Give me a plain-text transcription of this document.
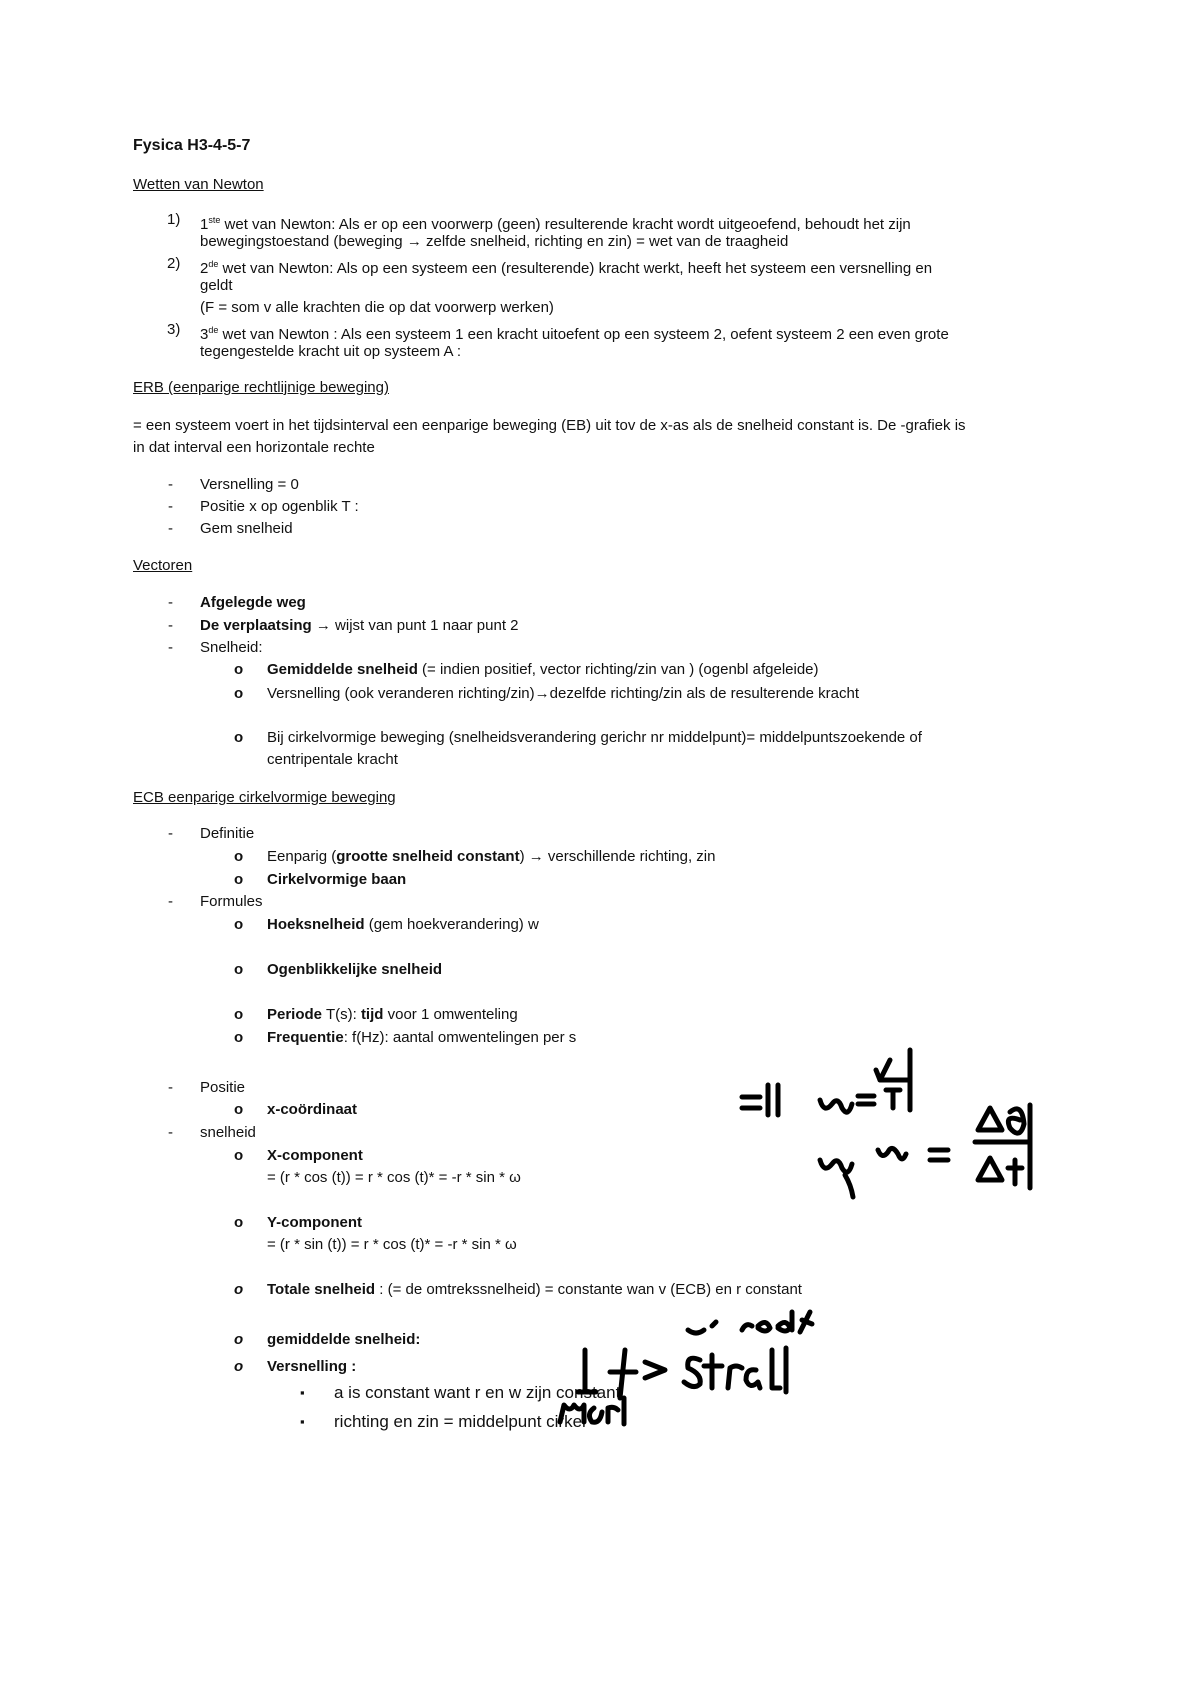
Fysica H3-4-5-7
Wetten van Newton
1) 1ste wet van Newton: Als er op een voorwerp (geen) resulterende kracht wordt uitgeoefend, behoudt het zijn
bewegingstoestand (beweging → zelfde snelheid, richting en zin) = wet van de traagheid
2) 2de wet van Newton: Als op een systeem een (resulterende) kracht werkt, heeft het systeem een versnelling en
geldt
(F = som v alle krachten die op dat voorwerp werken)
3) 3de wet van Newton : Als een systeem 1 een kracht uitoefent op een systeem 2, oefent systeem 2 een even grote
tegengestelde kracht uit op systeem A :
ERB (eenparige rechtlijnige beweging)
= een systeem voert in het tijdsinterval een eenparige beweging (EB) uit tov de x-as als de snelheid constant is. De -grafiek is
in dat interval een horizontale rechte
- Versnelling = 0
- Positie x op ogenblik T :
- Gem snelheid
Vectoren
- Afgelegde weg
- De verplaatsing → wijst van punt 1 naar punt 2
- Snelheid:
o Gemiddelde snelheid (= indien positief, vector richting/zin van ) (ogenbl afgeleide)
o Versnelling (ook veranderen richting/zin)→dezelfde richting/zin als de resulterende kracht
o Bij cirkelvormige beweging (snelheidsverandering gerichr nr middelpunt)= middelpuntszoekende of
centripentale kracht
ECB eenparige cirkelvormige beweging
- Definitie
o Eenparig (grootte snelheid constant) → verschillende richting, zin
o Cirkelvormige baan
- Formules
o Hoeksnelheid (gem hoekverandering) w
o Ogenblikkelijke snelheid
o Periode T(s): tijd voor 1 omwenteling
o Frequentie: f(Hz): aantal omwentelingen per s
- Positie
o x-coördinaat
- snelheid
o X-component
= (r * cos (t)) = r * cos (t)* = -r * sin * ω
o Y-component
= (r * sin (t)) = r * cos (t)* = -r * sin * ω
o Totale snelheid : (= de omtrekssnelheid) = constante wan v (ECB) en r constant
o gemiddelde snelheid:
o Versnelling :
▪ a is constant want r en w zijn constant
▪ richting en zin = middelpunt cirkel
